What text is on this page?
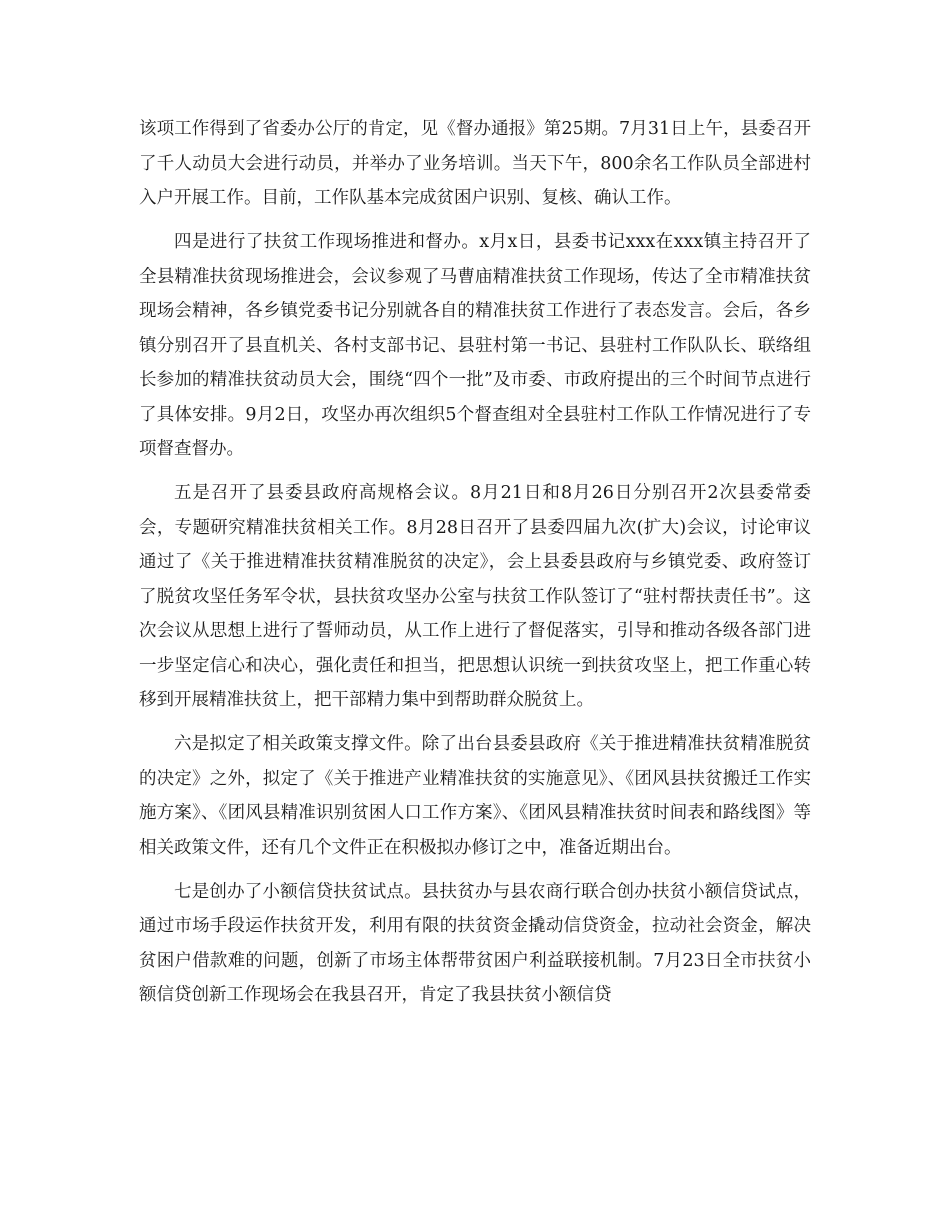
该项工作得到了省委办公厅的肯定，见《督办通报》第25期。7月31日上午，县委召开了千人动员大会进行动员，并举办了业务培训。当天下午，800余名工作队员全部进村入户开展工作。目前，工作队基本完成贫困户识别、复核、确认工作。

四是进行了扶贫工作现场推进和督办。x月x日，县委书记xxx在xxx镇主持召开了全县精准扶贫现场推进会，会议参观了马曹庙精准扶贫工作现场，传达了全市精准扶贫现场会精神，各乡镇党委书记分别就各自的精准扶贫工作进行了表态发言。会后，各乡镇分别召开了县直机关、各村支部书记、县驻村第一书记、县驻村工作队队长、联络组长参加的精准扶贫动员大会，围绕“四个一批”及市委、市政府提出的三个时间节点进行了具体安排。9月2日，攻坚办再次组织5个督查组对全县驻村工作队工作情况进行了专项督查督办。

五是召开了县委县政府高规格会议。8月21日和8月26日分别召开2次县委常委会，专题研究精准扶贫相关工作。8月28日召开了县委四届九次(扩大)会议，讨论审议通过了《关于推进精准扶贫精准脱贫的决定》，会上县委县政府与乡镇党委、政府签订了脱贫攻坚任务军令状，县扶贫攻坚办公室与扶贫工作队签订了“驻村帮扶责任书”。这次会议从思想上进行了誓师动员，从工作上进行了督促落实，引导和推动各级各部门进一步坚定信心和决心，强化责任和担当，把思想认识统一到扶贫攻坚上，把工作重心转移到开展精准扶贫上，把干部精力集中到帮助群众脱贫上。

六是拟定了相关政策支撑文件。除了出台县委县政府《关于推进精准扶贫精准脱贫的决定》之外，拟定了《关于推进产业精准扶贫的实施意见》、《团风县扶贫搬迁工作实施方案》、《团风县精准识别贫困人口工作方案》、《团风县精准扶贫时间表和路线图》等相关政策文件，还有几个文件正在积极拟办修订之中，准备近期出台。

七是创办了小额信贷扶贫试点。县扶贫办与县农商行联合创办扶贫小额信贷试点，通过市场手段运作扶贫开发，利用有限的扶贫资金撬动信贷资金，拉动社会资金，解决贫困户借款难的问题，创新了市场主体帮带贫困户利益联接机制。7月23日全市扶贫小额信贷创新工作现场会在我县召开，肯定了我县扶贫小额信贷
